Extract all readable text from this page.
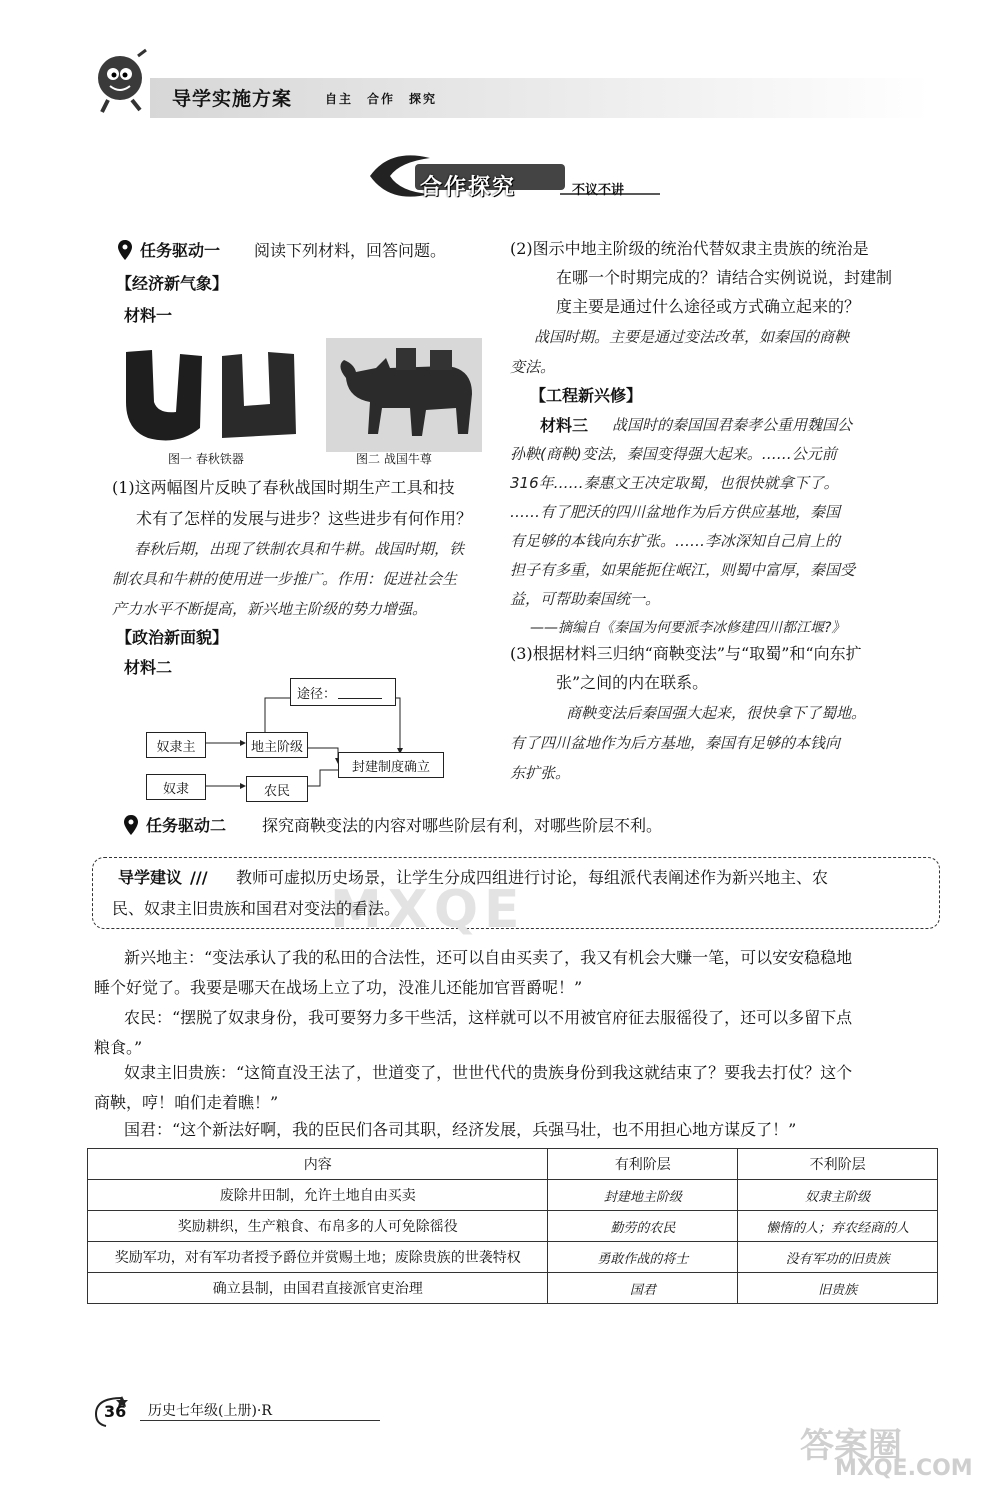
导学实施方案	自主　合作　探究
合作探究	不议不讲
任务驱动一 阅读下列材料，回答问题。
【经济新气象】
材料一
图一 春秋铁器	图二 战国牛尊
(1)这两幅图片反映了春秋战国时期生产工具和技
术有了怎样的发展与进步？这些进步有何作用？
春秋后期，出现了铁制农具和牛耕。战国时期，铁
制农具和牛耕的使用进一步推广。作用：促进社会生
产力水平不断提高，新兴地主阶级的势力增强。
【政治新面貌】
材料二
途径：
奴隶主	地主阶级
封建制度确立
奴隶	农民
(2)图示中地主阶级的统治代替奴隶主贵族的统治是
在哪一个时期完成的？请结合实例说说，封建制
度主要是通过什么途径或方式确立起来的？
战国时期。主要是通过变法改革，如秦国的商鞅
变法。
【工程新兴修】
材料三 战国时的秦国国君秦孝公重用魏国公
孙鞅(商鞅)变法，秦国变得强大起来。……公元前
316年……秦惠文王决定取蜀，也很快就拿下了。
……有了肥沃的四川盆地作为后方供应基地，秦国
有足够的本钱向东扩张。……李冰深知自己肩上的
担子有多重，如果能扼住岷江，则蜀中富厚，秦国受
益，可帮助秦国统一。
——摘编自《秦国为何要派李冰修建四川都江堰?》
(3)根据材料三归纳“商鞅变法”与“取蜀”和“向东扩
张”之间的内在联系。
商鞅变法后秦国强大起来，很快拿下了蜀地。
有了四川盆地作为后方基地，秦国有足够的本钱向
东扩张。
任务驱动二 探究商鞅变法的内容对哪些阶层有利，对哪些阶层不利。
MXQE
导学建议 /// 教师可虚拟历史场景，让学生分成四组进行讨论，每组派代表阐述作为新兴地主、农
民、奴隶主旧贵族和国君对变法的看法。
新兴地主：“变法承认了我的私田的合法性，还可以自由买卖了，我又有机会大赚一笔，可以安安稳稳地
睡个好觉了。我要是哪天在战场上立了功，没准儿还能加官晋爵呢！”
农民：“摆脱了奴隶身份，我可要努力多干些活，这样就可以不用被官府征去服徭役了，还可以多留下点
粮食。”
奴隶主旧贵族：“这简直没王法了，世道变了，世世代代的贵族身份到我这就结束了？要我去打仗？这个
商鞅，哼！咱们走着瞧！”
国君：“这个新法好啊，我的臣民们各司其职，经济发展，兵强马壮，也不用担心地方谋反了！”
内容	有利阶层	不利阶层
废除井田制，允许土地自由买卖	封建地主阶级	奴隶主阶级
奖励耕织，生产粮食、布帛多的人可免除徭役	勤劳的农民	懒惰的人；弃农经商的人
奖励军功，对有军功者授予爵位并赏赐土地；废除贵族的世袭特权	勇敢作战的将士	没有军功的旧贵族
确立县制，由国君直接派官吏治理	国君	旧贵族
36 历史七年级(上册)·R
答案圈
MXQE.COM
